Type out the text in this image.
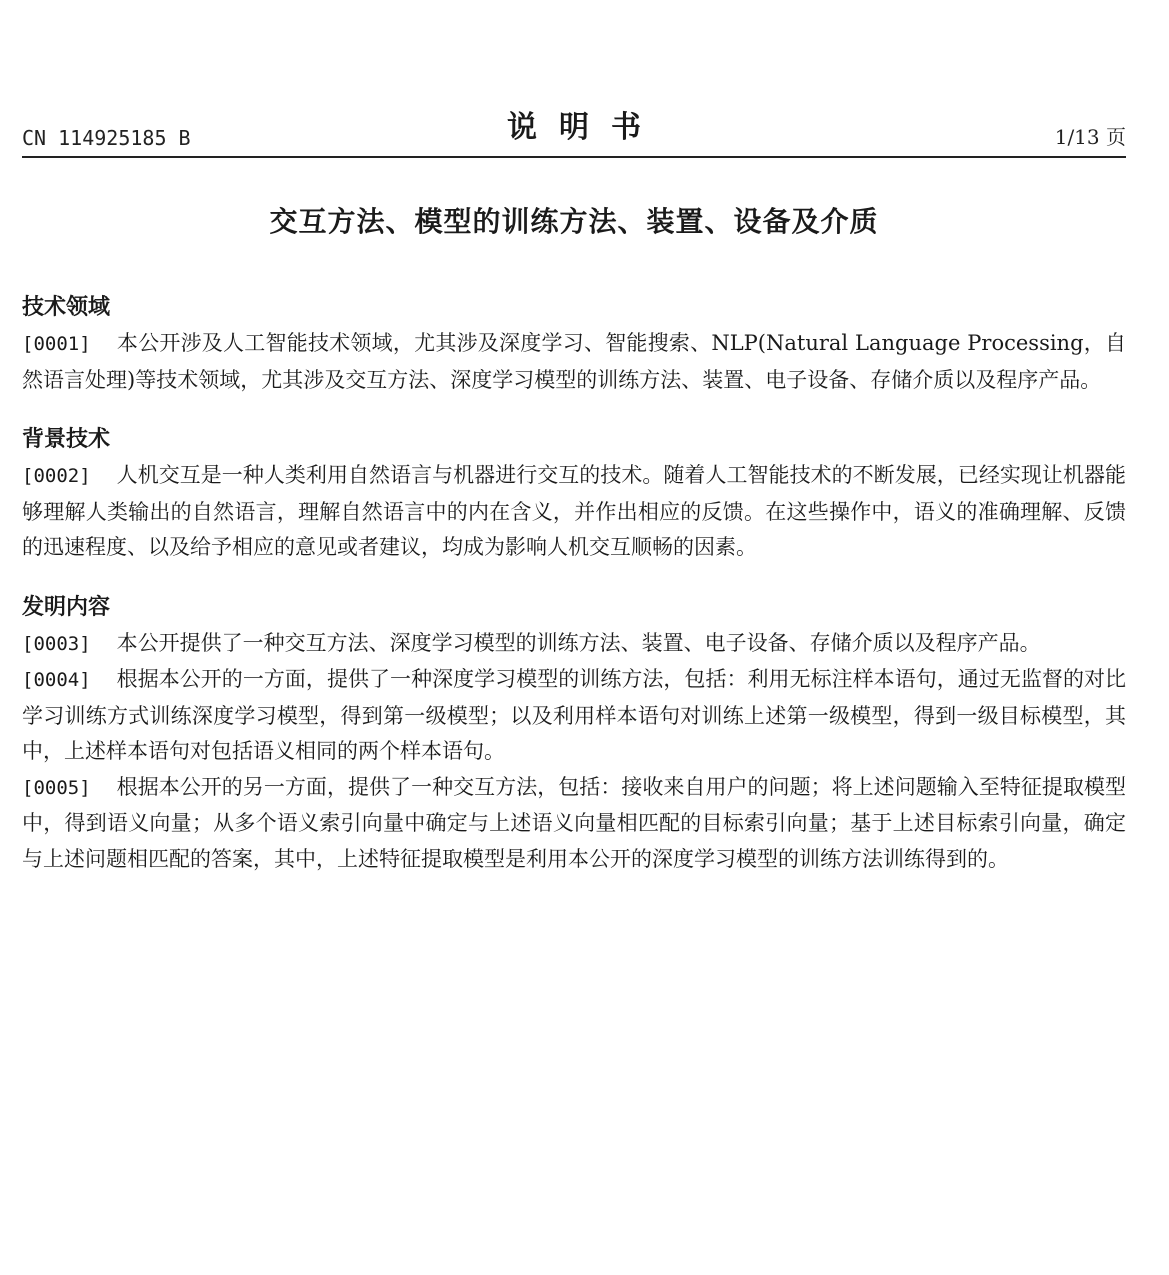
CN 114925185 B	说明书	1/13 页
交互方法、模型的训练方法、装置、设备及介质
技术领域

[0001] 本公开涉及人工智能技术领域，尤其涉及深度学习、智能搜索、NLP(Natural Language Processing，自然语言处理)等技术领域，尤其涉及交互方法、深度学习模型的训练方法、装置、电子设备、存储介质以及程序产品。

背景技术

[0002] 人机交互是一种人类利用自然语言与机器进行交互的技术。随着人工智能技术的不断发展，已经实现让机器能够理解人类输出的自然语言，理解自然语言中的内在含义，并作出相应的反馈。在这些操作中，语义的准确理解、反馈的迅速程度、以及给予相应的意见或者建议，均成为影响人机交互顺畅的因素。

发明内容

[0003] 本公开提供了一种交互方法、深度学习模型的训练方法、装置、电子设备、存储介质以及程序产品。

[0004] 根据本公开的一方面，提供了一种深度学习模型的训练方法，包括：利用无标注样本语句，通过无监督的对比学习训练方式训练深度学习模型，得到第一级模型；以及利用样本语句对训练上述第一级模型，得到一级目标模型，其中，上述样本语句对包括语义相同的两个样本语句。

[0005] 根据本公开的另一方面，提供了一种交互方法，包括：接收来自用户的问题；将上述问题输入至特征提取模型中，得到语义向量；从多个语义索引向量中确定与上述语义向量相匹配的目标索引向量；基于上述目标索引向量，确定与上述问题相匹配的答案，其中，上述特征提取模型是利用本公开的深度学习模型的训练方法训练得到的。
